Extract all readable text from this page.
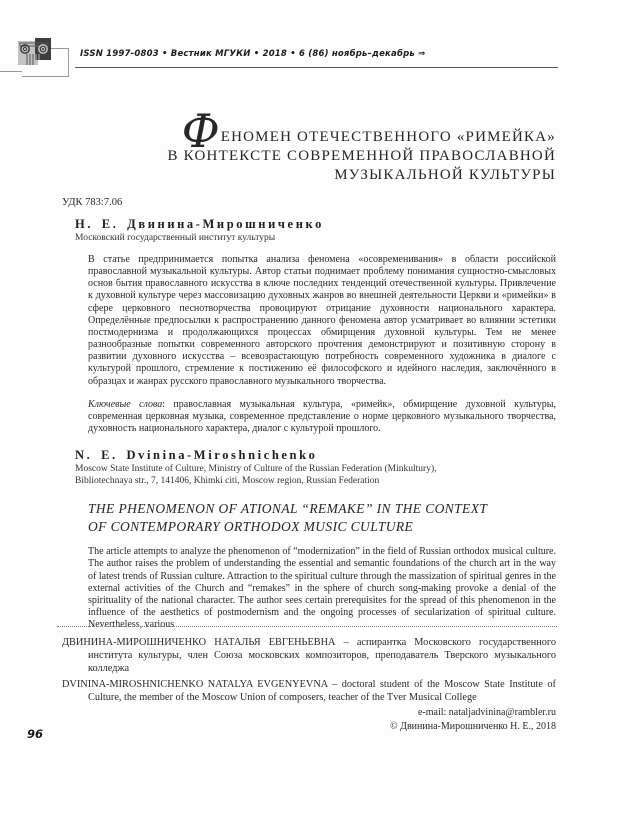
ISSN 1997-0803 • Вестник МГУКИ • 2018 • 6 (86) ноябрь–декабрь ⇒
ФЕНОМЕН ОТЕЧЕСТВЕННОГО «РИМЕЙКА»
В КОНТЕКСТЕ СОВРЕМЕННОЙ ПРАВОСЛАВНОЙ
МУЗЫКАЛЬНОЙ КУЛЬТУРЫ
УДК 783:7.06
Н. Е. Двинина-Мирошниченко
Московский государственный институт культуры
В статье предпринимается попытка анализа феномена «осовременивания» в области российской православной музыкальной культуры. Автор статьи поднимает проблему понимания сущностно-смысловых основ бытия православного искусства в ключе последних тенденций отечественной культуры. Привлечение к духовной культуре через массовизацию духовных жанров во внешней деятельности Церкви и «римейки» в сфере церковного песнотворчества провоцируют отрицание духовности национального характера. Определённые предпосылки к распространению данного феномена автор усматривает во влиянии эстетики постмодернизма и продолжающихся процессах обмирщения духовной культуры. Тем не менее разнообразные попытки современного авторского прочтения демонстрируют и позитивную сторону в развитии духовного искусства – всевозрастающую потребность современного художника в диалоге с культурой прошлого, стремление к постижению её философского и идейного наследия, заключённого в образцах и жанрах русского православного музыкального творчества.
Ключевые слова: православная музыкальная культура, «римейк», обмирщение духовной культуры, современная церковная музыка, современное представление о норме церковного музыкального творчества, духовность национального характера, диалог с культурой прошлого.
N. E. Dvinina-Miroshnichenko
Moscow State Institute of Culture, Ministry of Culture of the Russian Federation (Minkultury),
Bibliotechnaya str., 7, 141406, Khimki citi, Moscow region, Russian Federation
THE PHENOMENON OF ATIONAL “REMAKE” IN THE CONTEXT
OF CONTEMPORARY ORTHODOX MUSIC CULTURE
The article attempts to analyze the phenomenon of “modernization” in the field of Russian orthodox musical culture. The author raises the problem of understanding the essential and semantic foundations of the church art in the way of latest trends of Russian culture. Attraction to the spiritual culture through the massization of spiritual genres in the external activities of the Church and “remakes” in the sphere of church song-making provoke a denial of the spirituality of the national character. The author sees certain prerequisites for the spread of this phenomenon in the influence of the aesthetics of postmodernism and the ongoing processes of secularization of spiritual culture. Nevertheless, various
ДВИНИНА-МИРОШНИЧЕНКО НАТАЛЬЯ ЕВГЕНЬЕВНА – аспирантка Московского государственного института культуры, член Союза московских композиторов, преподаватель Тверского музыкального колледжа
DVININA-MIROSHNICHENKO NATALYA EVGENYEVNA – doctoral student of the Moscow State Institute of Culture, the member of the Moscow Union of composers, teacher of the Tver Musical College
e-mail: nataljadvinina@rambler.ru
© Двинина-Мирошниченко Н. Е., 2018
96
